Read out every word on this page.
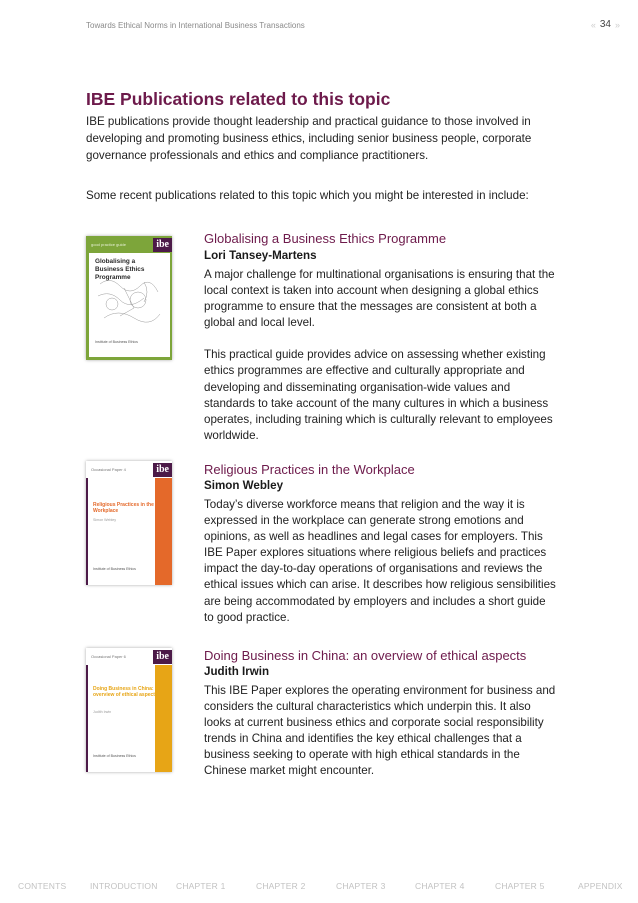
Towards Ethical Norms in International Business Transactions	« 34 »
IBE Publications related to this topic

IBE publications provide thought leadership and practical guidance to those involved in developing and promoting business ethics, including senior business people, corporate governance professionals and ethics and compliance practitioners.

Some recent publications related to this topic which you might be interested in include:

good practice guide	ibe
Globalising a Business Ethics Programme
Institute of Business Ethics
Globalising a Business Ethics Programme
Lori Tansey-Martens

A major challenge for multinational organisations is ensuring that the local context is taken into account when designing a global ethics programme to ensure that the messages are consistent at both a global and local level.

This practical guide provides advice on assessing whether existing ethics programmes are effective and culturally appropriate and developing and disseminating organisation-wide values and standards to take account of the many cultures in which a business operates, including training which is culturally relevant to employees worldwide.

Occasional Paper 4	ibe
Religious Practices in the Workplace
Simon Webley
Institute of Business Ethics
Religious Practices in the Workplace
Simon Webley

Today’s diverse workforce means that religion and the way it is expressed in the workplace can generate strong emotions and opinions, as well as headlines and legal cases for employers. This IBE Paper explores situations where religious beliefs and practices impact the day-to-day operations of organisations and reviews the ethical issues which can arise. It describes how religious sensibilities are being accommodated by employers and includes a short guide to good practice.

Occasional Paper 6	ibe
Doing Business in China: an overview of ethical aspects
Judith Irwin
Institute of Business Ethics
Doing Business in China: an overview of ethical aspects
Judith Irwin

This IBE Paper explores the operating environment for business and considers the cultural characteristics which underpin this. It also looks at current business ethics and corporate social responsibility trends in China and identifies the key ethical challenges that a business seeking to operate with high ethical standards in the Chinese market might encounter.

CONTENTS	INTRODUCTION CHAPTER 1	CHAPTER 2	CHAPTER 3	CHAPTER 4	CHAPTER 5	APPENDIX
